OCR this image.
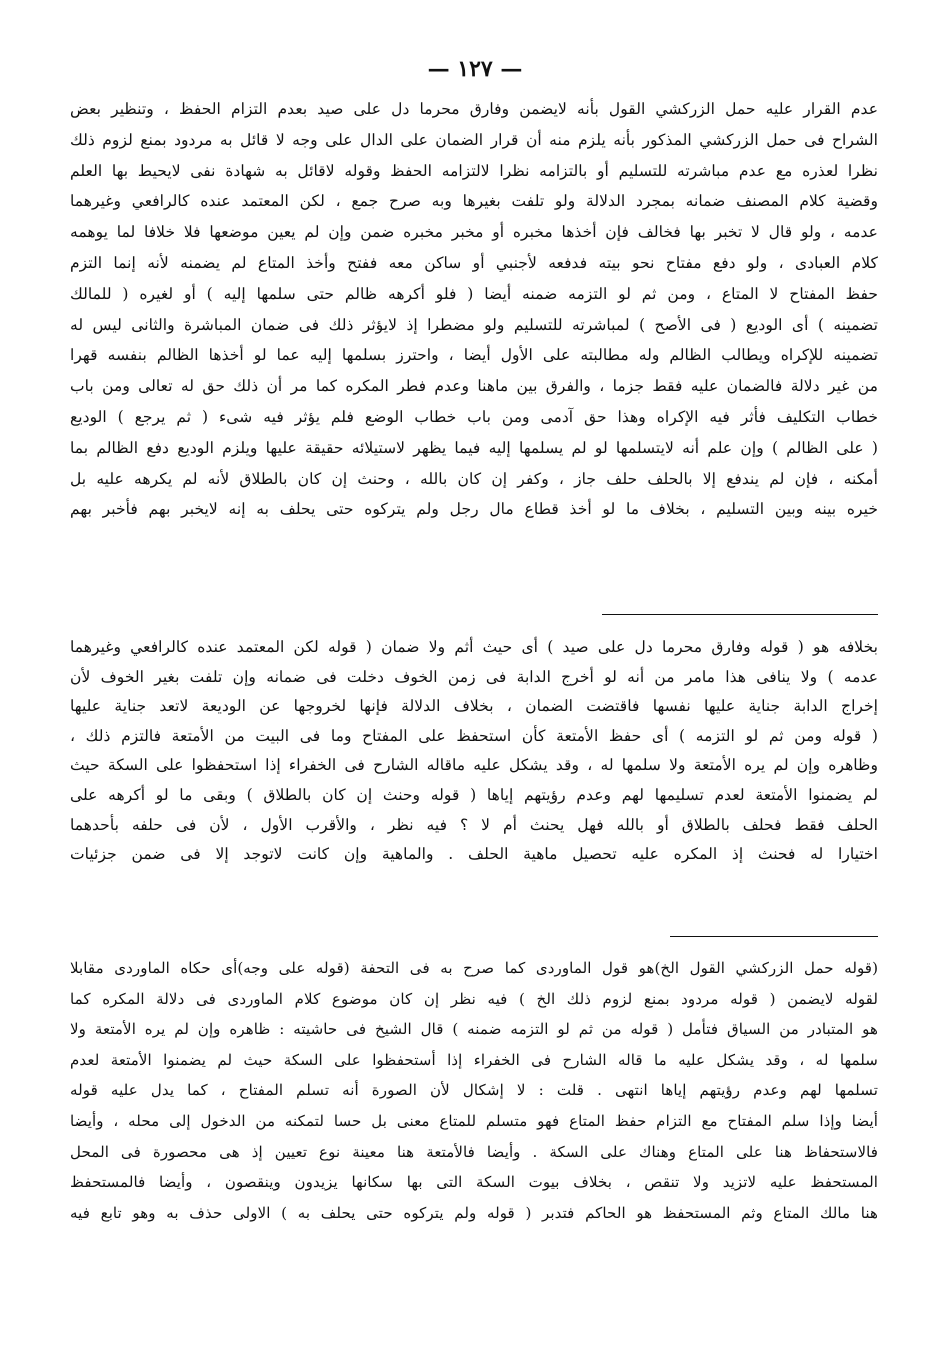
— ١٢٧ —
عدم القرار عليه حمل الزركشي القول بأنه لايضمن وفارق محرما دل على صيد بعدم التزام الحفظ ، وتنظير بعض
الشراح فى حمل الزركشي المذكور بأنه يلزم منه أن قرار الضمان على الدال على وجه لا قائل به مردود بمنع لزوم ذلك
نظرا لعذره مع عدم مباشرته للتسليم أو بالتزامه نظرا لالتزامه الحفظ وقوله لاقائل به شهادة نفى لايحيط بها العلم
وقضية كلام المصنف ضمانه بمجرد الدلالة ولو تلفت بغيرها وبه صرح جمع ، لكن المعتمد عنده كالرافعي وغيرهما
عدمه ، ولو قال لا تخبر بها فخالف فإن أخذها مخبره أو مخبر مخبره ضمن وإن لم يعين موضعها فلا خلافا لما يوهمه
كلام العبادى ، ولو دفع مفتاح نحو بيته فدفعه لأجنبي أو ساكن معه ففتح وأخذ المتاع لم يضمنه لأنه إنما التزم
حفظ المفتاح لا المتاع ، ومن ثم لو التزمه ضمنه أيضا ( فلو أكرهه ظالم حتى سلمها إليه ) أو لغيره ( للمالك
تضمينه ) أى الوديع ( فى الأصح ) لمباشرته للتسليم ولو مضطرا إذ لايؤثر ذلك فى ضمان المباشرة والثانى ليس له
تضمينه للإكراه ويطالب الظالم وله مطالبته على الأول أيضا ، واحترز بسلمها إليه عما لو أخذها الظالم بنفسه قهرا
من غير دلالة فالضمان عليه فقط جزما ، والفرق بين ماهنا وعدم فطر المكره كما مر أن ذلك حق له تعالى ومن باب
خطاب التكليف فأثر فيه الإكراه وهذا حق آدمى ومن باب خطاب الوضع فلم يؤثر فيه شىء ( ثم يرجع ) الوديع
( على الظالم ) وإن علم أنه لايتسلمها لو لم يسلمها إليه فيما يظهر لاستيلائه حقيقة عليها ويلزم الوديع دفع الظالم بما
أمكنه ، فإن لم يندفع إلا بالحلف حلف جاز ، وكفر إن كان بالله ، وحنث إن كان بالطلاق لأنه لم يكرهه عليه بل
خيره بينه وبين التسليم ، بخلاف ما لو أخذ قطاع مال رجل ولم يتركوه حتى يحلف به إنه لايخبر بهم فأخبر بهم
بخلافه هو ( قوله وفارق محرما دل على صيد ) أى حيث أثم ولا ضمان ( قوله لكن المعتمد عنده كالرافعي وغيرهما
عدمه ) ولا ينافى هذا مامر من أنه لو أخرج الدابة فى زمن الخوف دخلت فى ضمانه وإن تلفت بغير الخوف لأن
إخراج الدابة جناية عليها نفسها فاقتضت الضمان ، بخلاف الدلالة فإنها لخروجها عن الوديعة لاتعد جناية عليها
( قوله ومن ثم لو التزمه ) أى حفظ الأمتعة كأن استحفظ على المفتاح وما فى البيت من الأمتعة فالتزم ذلك ،
وظاهره وإن لم يره الأمتعة ولا سلمها له ، وقد يشكل عليه ماقاله الشارح فى الخفراء إذا استحفظوا على السكة حيث
لم يضمنوا الأمتعة لعدم تسليمها لهم وعدم رؤيتهم إياها ( قوله وحنث إن كان بالطلاق ) وبقى ما لو أكرهه على
الحلف فقط فحلف بالطلاق أو بالله فهل يحنث أم لا ؟ فيه نظر ، والأقرب الأول ، لأن فى حلفه بأحدهما
اختيارا له فحنث إذ المكره عليه تحصيل ماهية الحلف . والماهية وإن كانت لاتوجد إلا فى ضمن جزئيات
(قوله حمل الزركشي القول الخ)هو قول الماوردى كما صرح به فى التحفة (قوله على وجه)أى حكاه الماوردى مقابلا
لقوله لايضمن ( قوله مردود بمنع لزوم ذلك الخ ) فيه نظر إن كان موضوع كلام الماوردى فى دلالة المكره كما
هو المتبادر من السياق فتأمل ( قوله من ثم لو التزمه ضمنه ) قال الشيخ فى حاشيته : ظاهره وإن لم يره الأمتعة ولا
سلمها له ، وقد يشكل عليه ما قاله الشارح فى الخفراء إذا أستحفظوا على السكة حيث لم يضمنوا الأمتعة لعدم
تسلمها لهم وعدم رؤيتهم إياها انتهى . قلت : لا إشكال لأن الصورة أنه تسلم المفتاح ، كما يدل عليه قوله
أيضا وإذا سلم المفتاح مع التزام حفظ المتاع فهو متسلم للمتاع معنى بل حسا لتمكنه من الدخول إلى محله ، وأيضا
فالاستحفاظ هنا على المتاع وهناك على السكة . وأيضا فالأمتعة هنا معينة نوع تعيين إذ هى محصورة فى المحل
المستحفظ عليه لاتزيد ولا تنقص ، بخلاف بيوت السكة التى بها سكانها يزيدون وينقصون ، وأيضا فالمستحفظ
هنا مالك المتاع وثم المستحفظ هو الحاكم فتدبر ( قوله ولم يتركوه حتى يحلف به ) الاولى حذف به وهو تابع فيه
